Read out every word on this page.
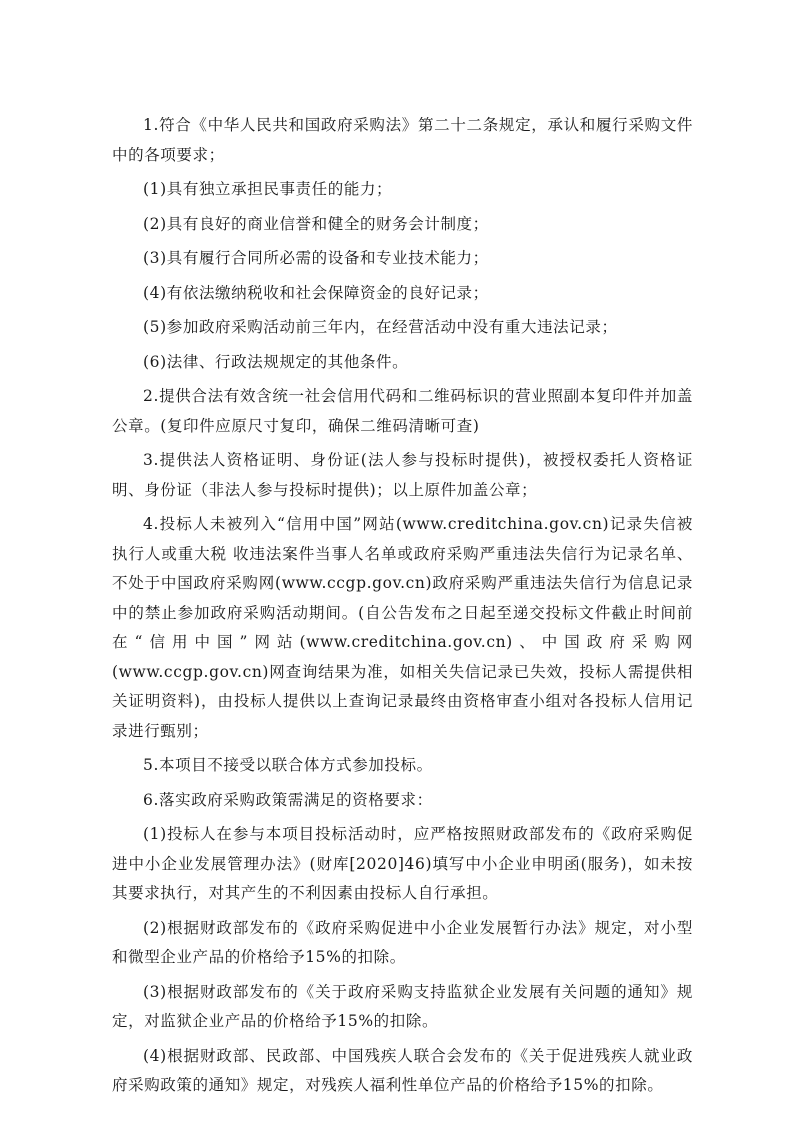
1.符合《中华人民共和国政府采购法》第二十二条规定，承认和履行采购文件中的各项要求；

(1)具有独立承担民事责任的能力；

(2)具有良好的商业信誉和健全的财务会计制度；

(3)具有履行合同所必需的设备和专业技术能力；

(4)有依法缴纳税收和社会保障资金的良好记录；

(5)参加政府采购活动前三年内，在经营活动中没有重大违法记录；

(6)法律、行政法规规定的其他条件。

2.提供合法有效含统一社会信用代码和二维码标识的营业照副本复印件并加盖公章。(复印件应原尺寸复印，确保二维码清晰可查)

3.提供法人资格证明、身份证(法人参与投标时提供)，被授权委托人资格证明、身份证（非法人参与投标时提供)；以上原件加盖公章；

4.投标人未被列入“信用中国”网站(www.creditchina.gov.cn)记录失信被执行人或重大税 收违法案件当事人名单或政府采购严重违法失信行为记录名单、不处于中国政府采购网(www.ccgp.gov.cn)政府采购严重违法失信行为信息记录中的禁止参加政府采购活动期间。(自公告发布之日起至递交投标文件截止时间前在“信用中国”网站(www.creditchina.gov.cn)、中国政府采购网 (www.ccgp.gov.cn)网查询结果为准，如相关失信记录已失效，投标人需提供相关证明资料)，由投标人提供以上查询记录最终由资格审查小组对各投标人信用记录进行甄别；

5.本项目不接受以联合体方式参加投标。

6.落实政府采购政策需满足的资格要求：

(1)投标人在参与本项目投标活动时，应严格按照财政部发布的《政府采购促进中小企业发展管理办法》(财库[2020]46)填写中小企业申明函(服务)，如未按其要求执行，对其产生的不利因素由投标人自行承担。

(2)根据财政部发布的《政府采购促进中小企业发展暂行办法》规定，对小型和微型企业产品的价格给予15%的扣除。

(3)根据财政部发布的《关于政府采购支持监狱企业发展有关问题的通知》规定，对监狱企业产品的价格给予15%的扣除。

(4)根据财政部、民政部、中国残疾人联合会发布的《关于促进残疾人就业政府采购政策的通知》规定，对残疾人福利性单位产品的价格给予15%的扣除。
